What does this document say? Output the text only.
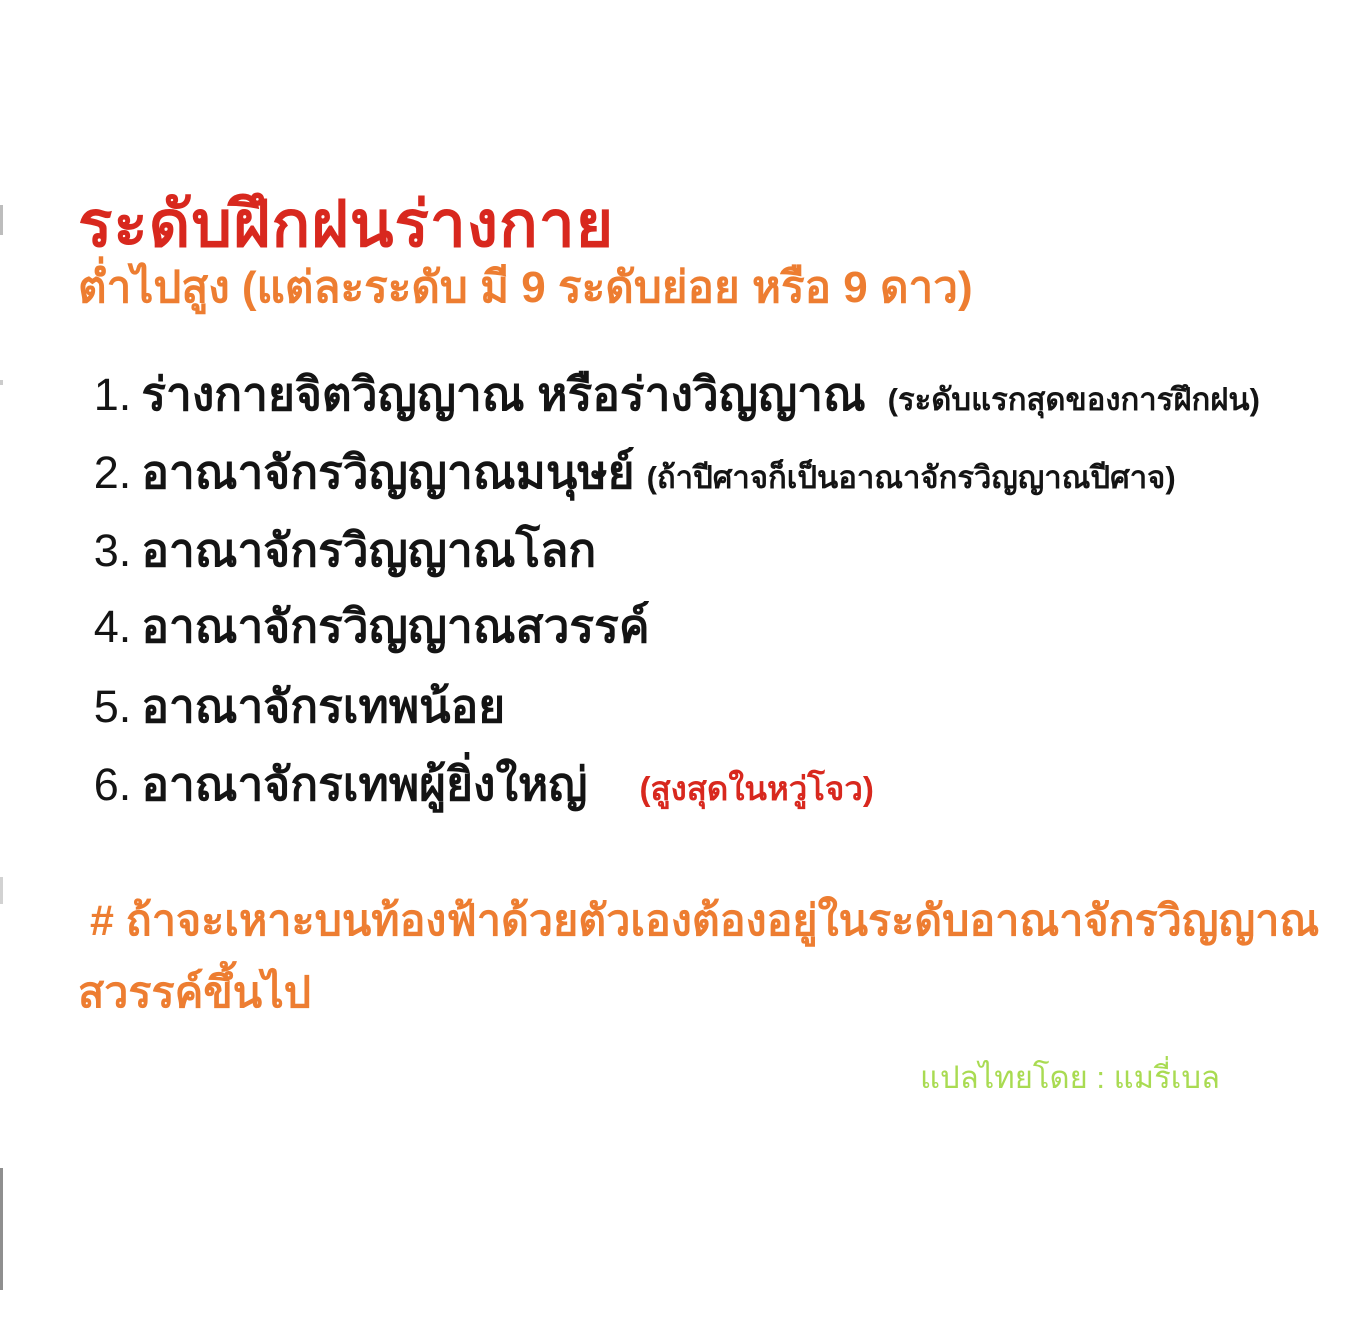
ระดับฝึกฝนร่างกาย
ต่ำไปสูง (แต่ละระดับ มี 9 ระดับย่อย หรือ 9 ดาว)

1. ร่างกายจิตวิญญาณ หรือร่างวิญญาณ (ระดับแรกสุดของการฝึกฝน)

2. อาณาจักรวิญญาณมนุษย์ (ถ้าปีศาจก็เป็นอาณาจักรวิญญาณปีศาจ)

3. อาณาจักรวิญญาณโลก

4. อาณาจักรวิญญาณสวรรค์

5. อาณาจักรเทพน้อย

6. อาณาจักรเทพผู้ยิ่งใหญ่ (สูงสุดในหวู่โจว)

# ถ้าจะเหาะบนท้องฟ้าด้วยตัวเองต้องอยู่ในระดับอาณาจักรวิญญาณ
สวรรค์ขึ้นไป
แปลไทยโดย : แมรี่เบล
